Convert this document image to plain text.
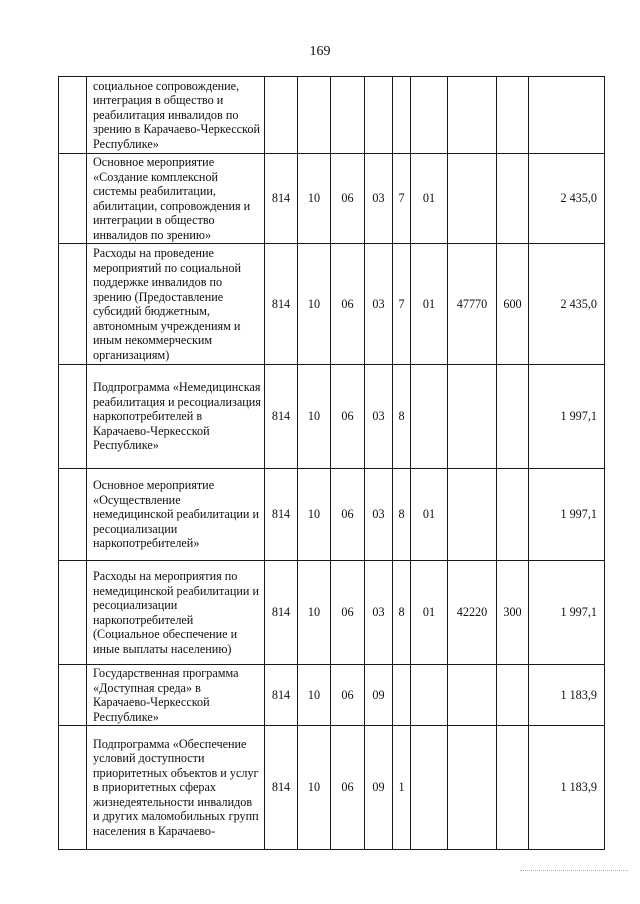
169
	социальное сопровождение, интеграция в общество и реабилитация инвалидов по зрению в Карачаево-Черкесской Республике»									
	Основное мероприятие «Создание комплексной системы реабилитации, абилитации, сопровождения и интеграции в общество инвалидов по зрению»	814	10	06	03	7	01			2 435,0
	Расходы на проведение мероприятий по социальной поддержке инвалидов по зрению (Предоставление субсидий бюджетным, автономным учреждениям и иным некоммерческим организациям)	814	10	06	03	7	01	47770	600	2 435,0
	Подпрограмма «Немедицинская реабилитация и ресоциализация наркопотребителей в Карачаево-Черкесской Республике»	814	10	06	03	8				1 997,1
	Основное мероприятие «Осуществление немедицинской реабилитации и ресоциализации наркопотребителей»	814	10	06	03	8	01			1 997,1
	Расходы на мероприятия по немедицинской реабилитации и ресоциализации наркопотребителей (Социальное обеспечение и иные выплаты населению)	814	10	06	03	8	01	42220	300	1 997,1
	Государственная программа «Доступная среда» в Карачаево-Черкесской Республике»	814	10	06	09					1 183,9
	Подпрограмма «Обеспечение условий доступности приоритетных объектов и услуг в приоритетных сферах жизнедеятельности инвалидов и других маломобильных групп населения в Карачаево-	814	10	06	09	1				1 183,9
